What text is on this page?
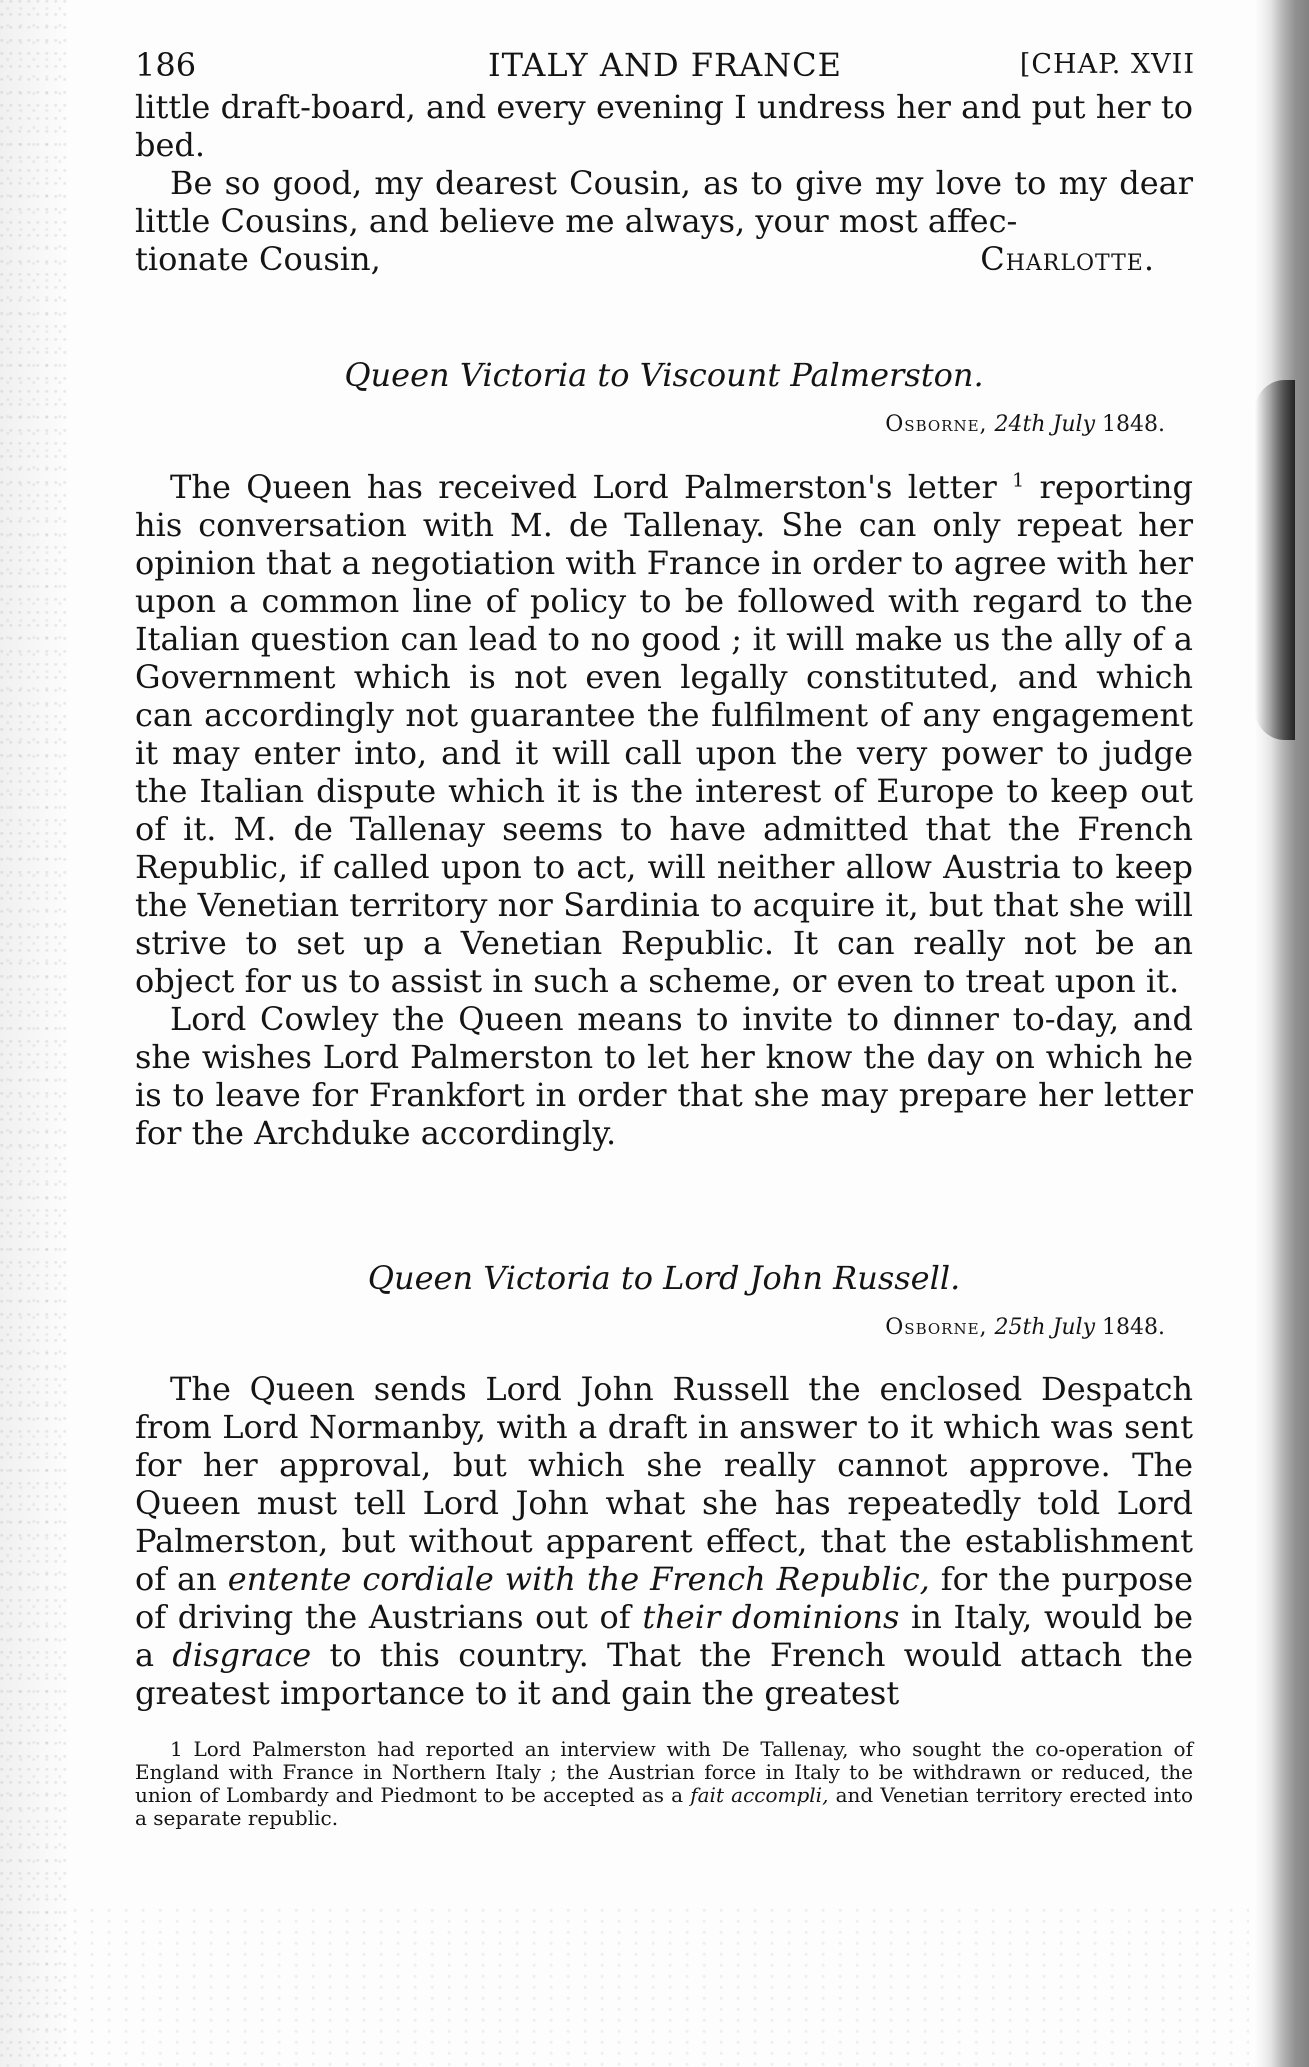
186	ITALY AND FRANCE	[CHAP. XVII

little draft-board, and every evening I undress her and put her to bed.

Be so good, my dearest Cousin, as to give my love to my dear little Cousins, and believe me always, your most affec-

tionate Cousin,	Charlotte.

Queen Victoria to Viscount Palmerston.
Osborne, 24th July 1848.

The Queen has received Lord Palmerston's letter $^1$ reporting his conversation with M. de Tallenay. She can only repeat her opinion that a negotiation with France in order to agree with her upon a common line of policy to be followed with regard to the Italian question can lead to no good ; it will make us the ally of a Government which is not even legally constituted, and which can accordingly not guarantee the fulfilment of any engagement it may enter into, and it will call upon the very power to judge the Italian dispute which it is the interest of Europe to keep out of it. M. de Tallenay seems to have admitted that the French Republic, if called upon to act, will neither allow Austria to keep the Venetian territory nor Sardinia to acquire it, but that she will strive to set up a Venetian Republic. It can really not be an object for us to assist in such a scheme, or even to treat upon it.

Lord Cowley the Queen means to invite to dinner to-day, and she wishes Lord Palmerston to let her know the day on which he is to leave for Frankfort in order that she may prepare her letter for the Archduke accordingly.

Queen Victoria to Lord John Russell.
Osborne, 25th July 1848.

The Queen sends Lord John Russell the enclosed Despatch from Lord Normanby, with a draft in answer to it which was sent for her approval, but which she really cannot approve. The Queen must tell Lord John what she has repeatedly told Lord Palmerston, but without apparent effect, that the establishment of an entente cordiale with the French Republic, for the purpose of driving the Austrians out of their dominions in Italy, would be a disgrace to this country. That the French would attach the greatest importance to it and gain the greatest

1 Lord Palmerston had reported an interview with De Tallenay, who sought the co-operation of England with France in Northern Italy ; the Austrian force in Italy to be withdrawn or reduced, the union of Lombardy and Piedmont to be accepted as a fait accompli, and Venetian territory erected into a separate republic.
